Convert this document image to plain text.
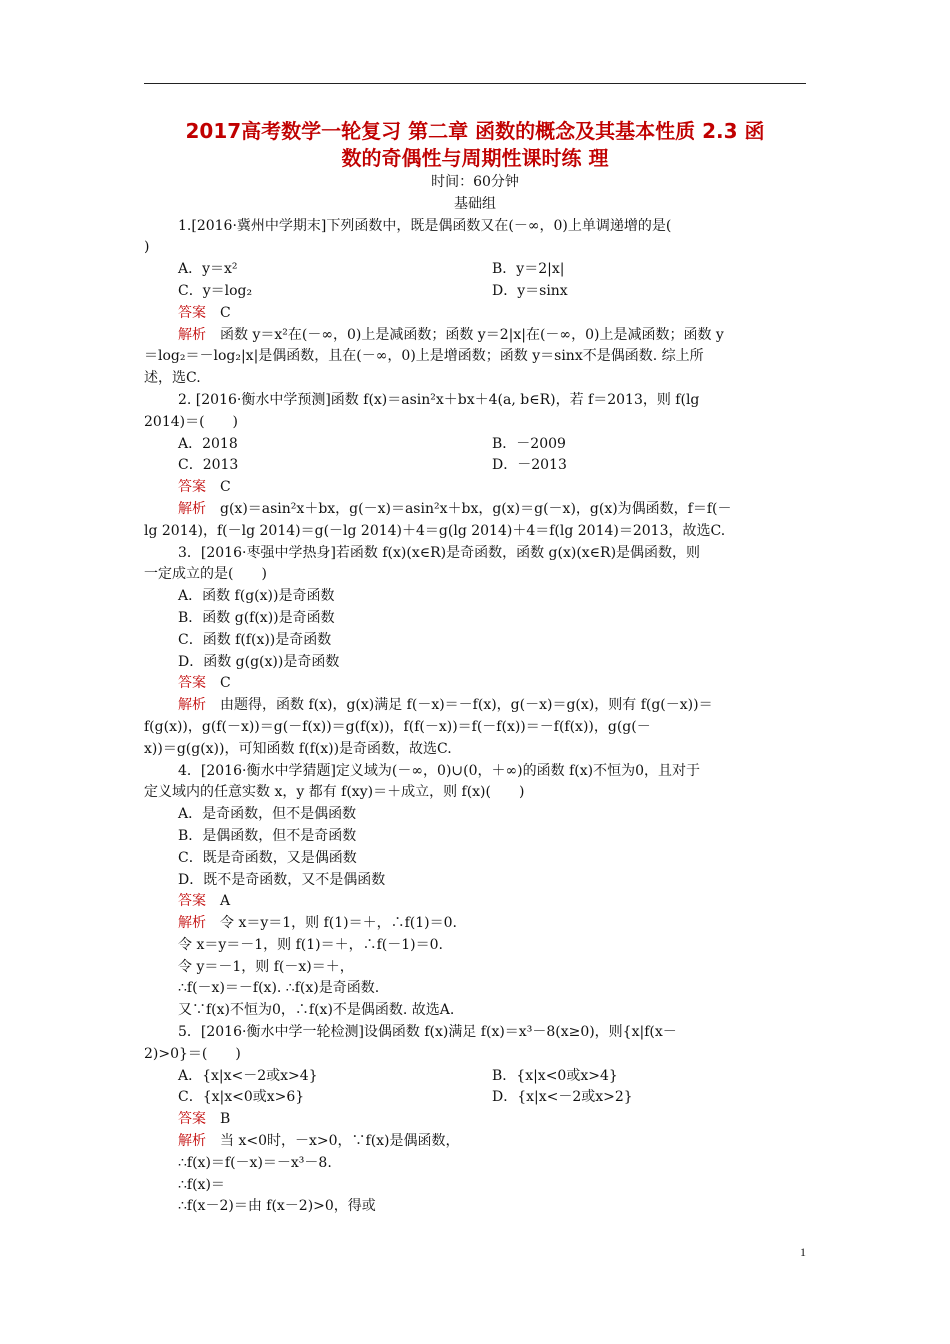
2017高考数学一轮复习 第二章 函数的概念及其基本性质 2.3 函

数的奇偶性与周期性课时练 理

时间：60分钟
基础组
1.[2016·冀州中学期末]下列函数中，既是偶函数又在(－∞，0)上单调递增的是(
)
A．y＝x²	B．y＝2|x|
C．y＝log₂	D．y＝sinx
答案　 C
解析　 函数 y＝x²在(－∞，0)上是减函数；函数 y＝2|x|在(－∞，0)上是减函数；函数 y
＝log₂＝－log₂|x|是偶函数，且在(－∞，0)上是增函数；函数 y＝sinx不是偶函数. 综上所
述，选C.
2. [2016·衡水中学预测]函数 f(x)＝asin²x＋bx＋4(a, b∈R)，若 f＝2013，则 f(lg
2014)＝(　　)
A．2018	B．－2009
C．2013	D．－2013
答案　 C
解析　 g(x)＝asin²x＋bx，g(－x)＝asin²x＋bx，g(x)＝g(－x)，g(x)为偶函数，f＝f(－
lg 2014)，f(－lg 2014)＝g(－lg 2014)＋4＝g(lg 2014)＋4＝f(lg 2014)＝2013，故选C.
3．[2016·枣强中学热身]若函数 f(x)(x∈R)是奇函数，函数 g(x)(x∈R)是偶函数，则
一定成立的是(　　)
A．函数 f(g(x))是奇函数
B．函数 g(f(x))是奇函数
C．函数 f(f(x))是奇函数
D．函数 g(g(x))是奇函数
答案　 C
解析　 由题得，函数 f(x)，g(x)满足 f(－x)＝－f(x)，g(－x)＝g(x)，则有 f(g(－x))＝
f(g(x))，g(f(－x))＝g(－f(x))＝g(f(x))，f(f(－x))＝f(－f(x))＝－f(f(x))，g(g(－
x))＝g(g(x))，可知函数 f(f(x))是奇函数，故选C.
4．[2016·衡水中学猜题]定义域为(－∞，0)∪(0，＋∞)的函数 f(x)不恒为0，且对于
定义域内的任意实数 x，y 都有 f(xy)＝＋成立，则 f(x)(　　)
A．是奇函数，但不是偶函数
B．是偶函数，但不是奇函数
C．既是奇函数，又是偶函数
D．既不是奇函数，又不是偶函数
答案　 A
解析　 令 x＝y＝1，则 f(1)＝＋，∴f(1)＝0.
令 x＝y＝－1，则 f(1)＝＋，∴f(－1)＝0.
令 y＝－1，则 f(－x)＝＋，
∴f(－x)＝－f(x). ∴f(x)是奇函数.
又∵f(x)不恒为0，∴f(x)不是偶函数. 故选A.
5．[2016·衡水中学一轮检测]设偶函数 f(x)满足 f(x)＝x³－8(x≥0)，则{x|f(x－
2)>0}＝(　　)
A．{x|x<－2或x>4}	B．{x|x<0或x>4}
C．{x|x<0或x>6}	D．{x|x<－2或x>2}
答案　 B
解析　 当 x<0时，－x>0，∵f(x)是偶函数，
∴f(x)＝f(－x)＝－x³－8.
∴f(x)＝
∴f(x－2)＝由 f(x－2)>0，得或
1
